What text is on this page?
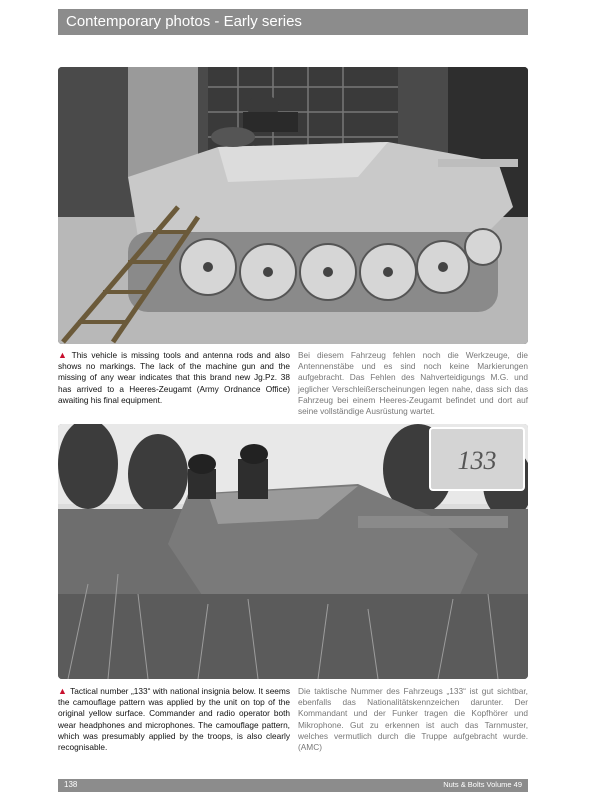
Contemporary photos - Early series
▲ This vehicle is missing tools and antenna rods and also shows no markings. The lack of the machine gun and the missing of any wear indicates that this brand new Jg.Pz. 38 has arrived to a Heeres-Zeugamt (Army Ordnance Office) awaiting his final equipment.
Bei diesem Fahrzeug fehlen noch die Werkzeuge, die Antennenstäbe und es sind noch keine Markierungen aufgebracht. Das Fehlen des Nahverteidigungs M.G. und jeglicher Verschleißerscheinungen legen nahe, dass sich das Fahrzeug bei einem Heeres-Zeugamt befindet und dort auf seine vollständige Ausrüstung wartet.
133
▲ Tactical number „133“ with national insignia below. It seems the camouflage pattern was applied by the unit on top of the original yellow surface. Commander and radio operator both wear headphones and microphones. The camouflage pattern, which was presumably applied by the troops, is also clearly recognisable.
Die taktische Nummer des Fahrzeugs „133“ ist gut sichtbar, ebenfalls das Nationalitätskennzeichen darunter. Der Kommandant und der Funker tragen die Kopfhörer und Mikrophone. Gut zu erkennen ist auch das Tarnmuster, welches vermutlich durch die Truppe aufgebracht wurde. (AMC)
138	Nuts & Bolts Volume 49
